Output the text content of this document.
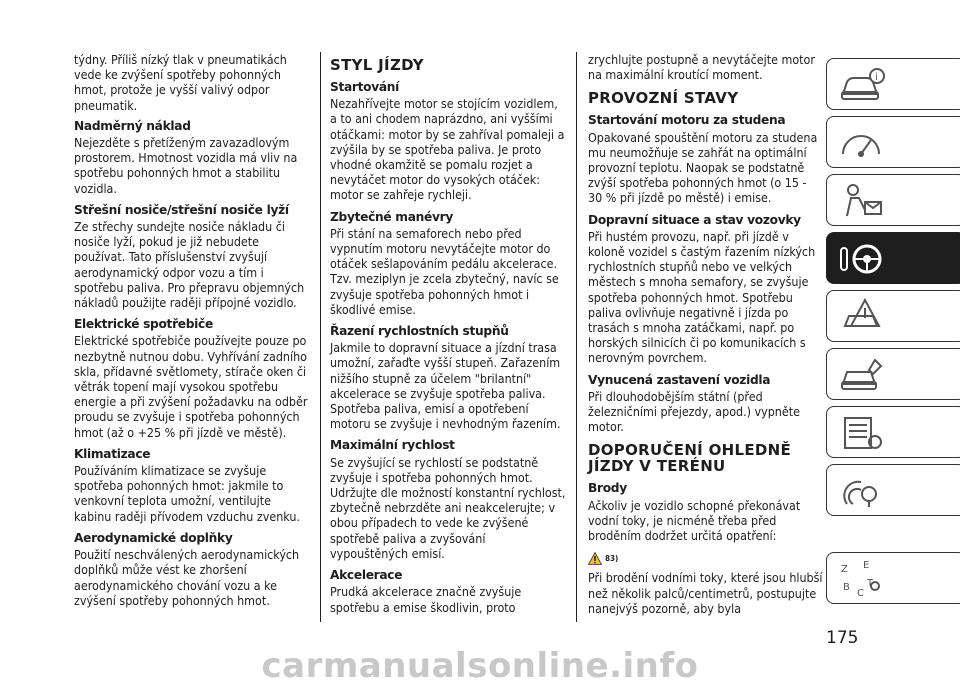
týdny. Příliš nízký tlak v pneumatikách vede ke zvýšení spotřeby pohonných hmot, protože je vyšší valivý odpor pneumatik.

Nadměrný náklad

Nejezděte s přetíženým zavazadlovým prostorem. Hmotnost vozidla má vliv na spotřebu pohonných hmot a stabilitu vozidla.

Střešní nosiče/střešní nosiče lyží

Ze střechy sundejte nosiče nákladu či nosiče lyží, pokud je již nebudete používat. Tato příslušenství zvyšují aerodynamický odpor vozu a tím i spotřebu paliva. Pro přepravu objemných nákladů použijte raději přípojné vozidlo.

Elektrické spotřebiče

Elektrické spotřebiče používejte pouze po nezbytně nutnou dobu. Vyhřívání zadního skla, přídavné světlomety, stírače oken či větrák topení mají vysokou spotřebu energie a při zvýšení požadavku na odběr proudu se zvyšuje i spotřeba pohonných hmot (až o +25 % při jízdě ve městě).

Klimatizace

Používáním klimatizace se zvyšuje spotřeba pohonných hmot: jakmile to venkovní teplota umožní, ventilujte kabinu raději přívodem vzduchu zvenku.

Aerodynamické doplňky

Použití neschválených aerodynamických doplňků může vést ke zhoršení aerodynamického chování vozu a ke zvýšení spotřeby pohonných hmot.

STYL JÍZDY
Startování

Nezahřívejte motor se stojícím vozidlem, a to ani chodem naprázdno, ani vyššími otáčkami: motor by se zahříval pomaleji a zvýšila by se spotřeba paliva. Je proto vhodné okamžitě se pomalu rozjet a nevytáčet motor do vysokých otáček: motor se zahřeje rychleji.

Zbytečné manévry

Při stání na semaforech nebo před vypnutím motoru nevytáčejte motor do otáček sešlapováním pedálu akcelerace. Tzv. meziplyn je zcela zbytečný, navíc se zvyšuje spotřeba pohonných hmot i škodlivé emise.

Řazení rychlostních stupňů

Jakmile to dopravní situace a jízdní trasa umožní, zařaďte vyšší stupeň. Zařazením nižšího stupně za účelem "brilantní" akcelerace se zvyšuje spotřeba paliva. Spotřeba paliva, emisí a opotřebení motoru se zvyšuje i nevhodným řazením.

Maximální rychlost

Se zvyšující se rychlostí se podstatně zvyšuje i spotřeba pohonných hmot. Udržujte dle možností konstantní rychlost, zbytečně nebrzděte ani neakcelerujte; v obou případech to vede ke zvýšené spotřebě paliva a zvyšování vypouštěných emisí.

Akcelerace

Prudká akcelerace značně zvyšuje spotřebu a emise škodlivin, proto

zrychlujte postupně a nevytáčejte motor na maximální kroutící moment.

PROVOZNÍ STAVY
Startování motoru za studena

Opakované spouštění motoru za studena mu neumožňuje se zahřát na optimální provozní teplotu. Naopak se podstatně zvýší spotřeba pohonných hmot (o 15 - 30 % při jízdě po městě) i emise.

Dopravní situace a stav vozovky

Při hustém provozu, např. při jízdě v koloně vozidel s častým řazením nízkých rychlostních stupňů nebo ve velkých městech s mnoha semafory, se zvyšuje spotřeba pohonných hmot. Spotřebu paliva ovlivňuje negativně i jízda po trasách s mnoha zatáčkami, např. po horských silnicích či po komunikacích s nerovným povrchem.

Vynucená zastavení vozidla

Při dlouhodobějším státní (před železničními přejezdy, apod.) vypněte motor.

DOPORUČENÍ OHLEDNĚ JÍZDY V TERÉNU
Brody

Ačkoliv je vozidlo schopné překonávat vodní toky, je nicméně třeba před broděním dodržet určitá opatření:

83)

Při brodění vodními toky, které jsou hlubší než několik palců/centimetrů, postupujte nanejvýš pozorně, aby byla

i
Z E
B
C
T
175
carmanualsonline.info
